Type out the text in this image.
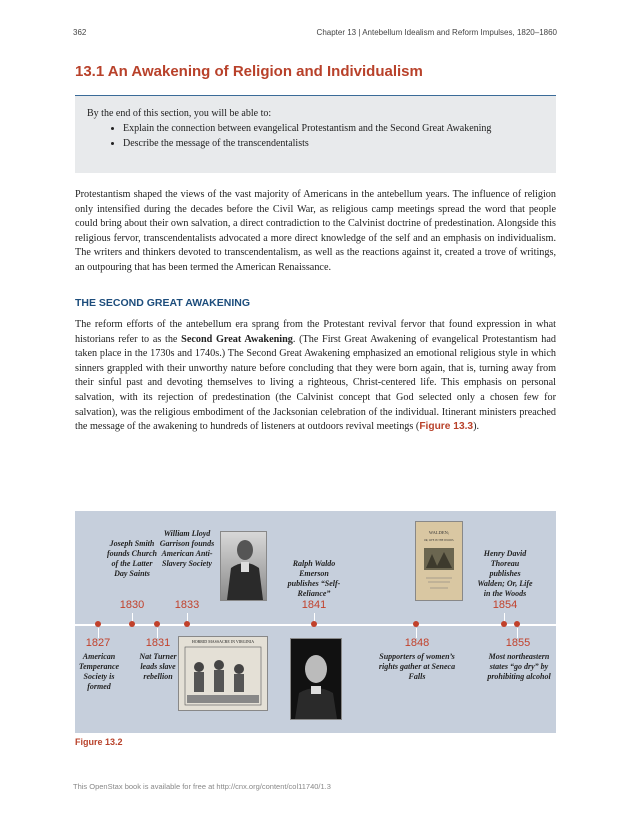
362	Chapter 13 | Antebellum Idealism and Reform Impulses, 1820–1860
13.1 An Awakening of Religion and Individualism
By the end of this section, you will be able to:
• Explain the connection between evangelical Protestantism and the Second Great Awakening
• Describe the message of the transcendentalists

Protestantism shaped the views of the vast majority of Americans in the antebellum years. The influence of religion only intensified during the decades before the Civil War, as religious camp meetings spread the word that people could bring about their own salvation, a direct contradiction to the Calvinist doctrine of predestination. Alongside this religious fervor, transcendentalists advocated a more direct knowledge of the self and an emphasis on individualism. The writers and thinkers devoted to transcendentalism, as well as the reactions against it, created a trove of writings, an outpouring that has been termed the American Renaissance.

THE SECOND GREAT AWAKENING

The reform efforts of the antebellum era sprang from the Protestant revival fervor that found expression in what historians refer to as the Second Great Awakening. (The First Great Awakening of evangelical Protestantism had taken place in the 1730s and 1740s.) The Second Great Awakening emphasized an emotional religious style in which sinners grappled with their unworthy nature before concluding that they were born again, that is, turning away from their sinful past and devoting themselves to living a righteous, Christ-centered life. This emphasis on personal salvation, with its rejection of predestination (the Calvinist concept that God selected only a chosen few for salvation), was the religious embodiment of the Jacksonian celebration of the individual. Itinerant ministers preached the message of the awakening to hundreds of listeners at outdoors revival meetings (Figure 13.3).

Joseph Smith founds Church of the Latter Day Saints
1830
William Lloyd Garrison founds American Anti-Slavery Society
1833
Ralph Waldo Emerson publishes “Self-Reliance”
1841
WALDEN;
OR, LIFE IN THE WOODS.
Henry David Thoreau publishes Walden; Or, Life in the Woods
1854
1827
American Temperance Society is formed
1831
Nat Turner leads slave rebellion
HORRID MASSACRE IN VIRGINIA	1848
Supporters of women’s rights gather at Seneca Falls
1855
Most northeastern states “go dry” by prohibiting alcohol
Figure 13.2
This OpenStax book is available for free at http://cnx.org/content/col11740/1.3
